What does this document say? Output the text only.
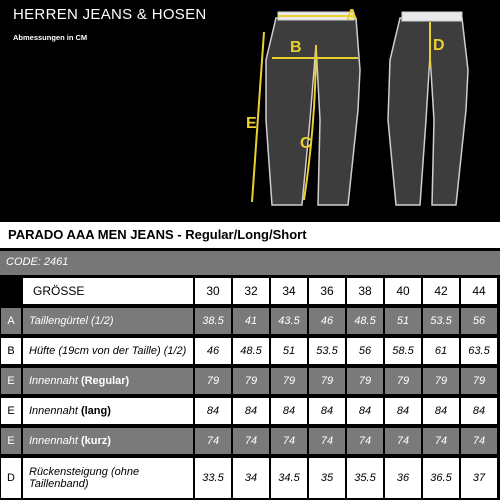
HERREN JEANS & HOSEN
Abmessungen in CM
A
B
C
D
E
PARADO AAA MEN JEANS - Regular/Long/Short
CODE: 2461
GRÖSSE	30	32	34	36	38	40	42	44
A	Taillengürtel (1/2)	38.5	41	43.5	46	48.5	51	53.5	56
B	Hüfte (19cm von der Taille) (1/2)	46	48.5	51	53.5	56	58.5	61	63.5
E	Innennaht (Regular)	79	79	79	79	79	79	79	79
E	Innennaht (lang)	84	84	84	84	84	84	84	84
E	Innennaht (kurz)	74	74	74	74	74	74	74	74
D	Rückensteigung (ohne Taillenband)	33.5	34	34.5	35	35.5	36	36.5	37
